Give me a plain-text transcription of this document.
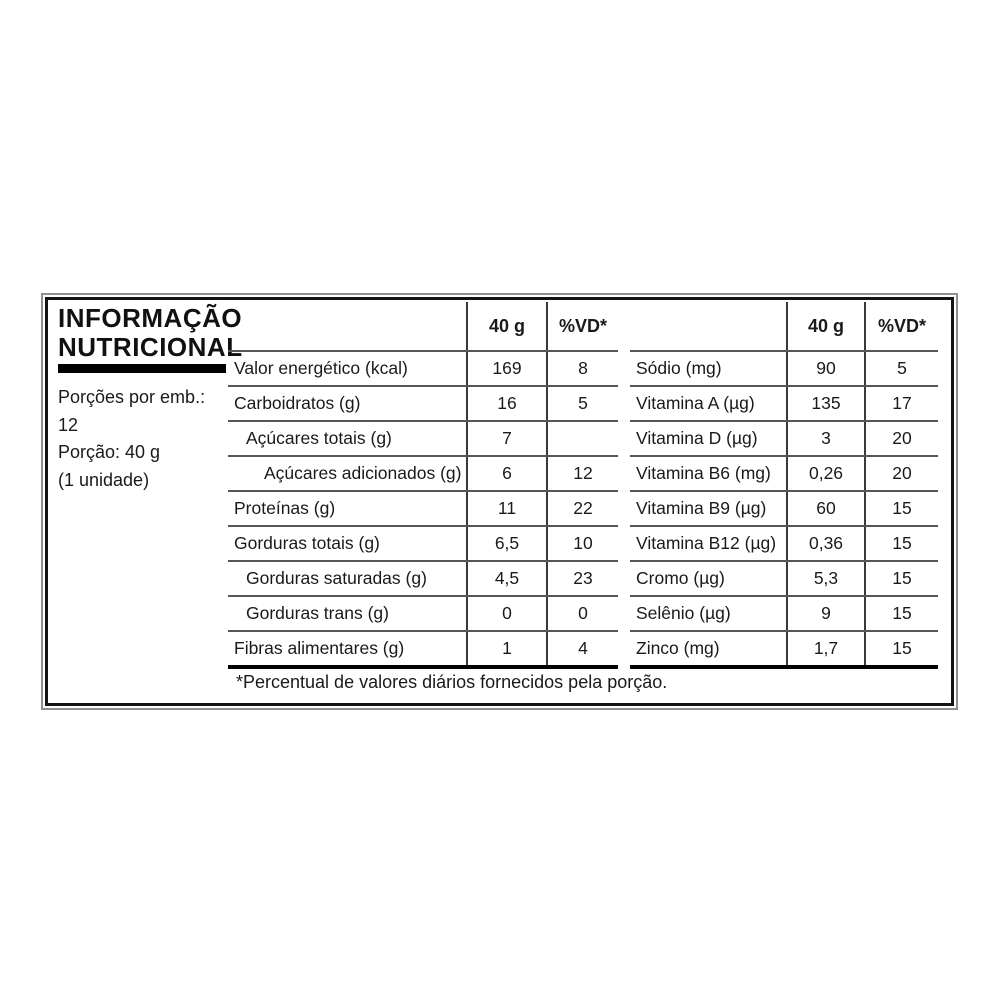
INFORMAÇÃO
NUTRICIONAL
Porções por emb.:
12
Porção: 40 g
(1 unidade)
40 g	%VD*
Valor energético (kcal)	169	8
Carboidratos (g)	16	5
Açúcares totais (g)	7
Açúcares adicionados (g)	6	12
Proteínas (g)	11	22
Gorduras totais (g)	6,5	10
Gorduras saturadas (g)	4,5	23
Gorduras trans (g)	0	0
Fibras alimentares (g)	1	4
40 g	%VD*
Sódio (mg)	90	5
Vitamina A (µg)	135	17
Vitamina D (µg)	3	20
Vitamina B6 (mg)	0,26	20
Vitamina B9 (µg)	60	15
Vitamina B12 (µg)	0,36	15
Cromo (µg)	5,3	15
Selênio (µg)	9	15
Zinco (mg)	1,7	15
*Percentual de valores diários fornecidos pela porção.
